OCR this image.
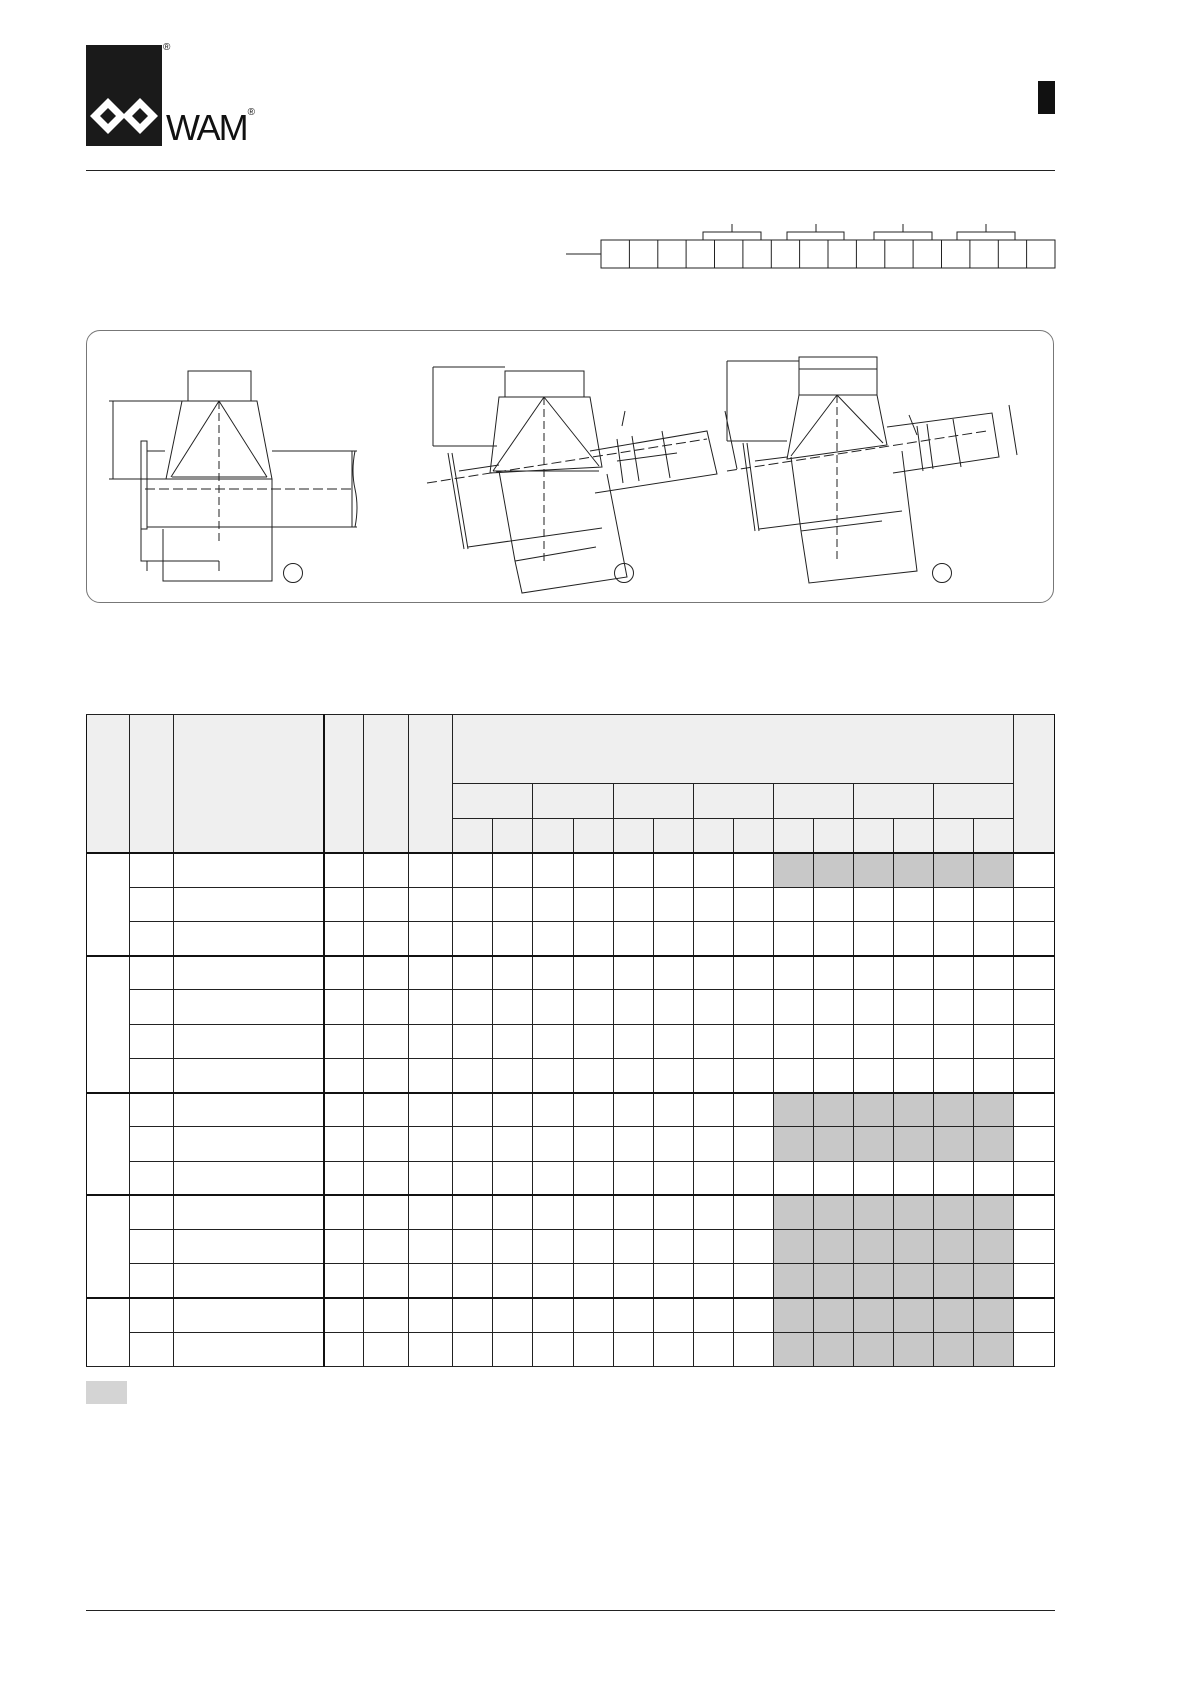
®
WAM®
